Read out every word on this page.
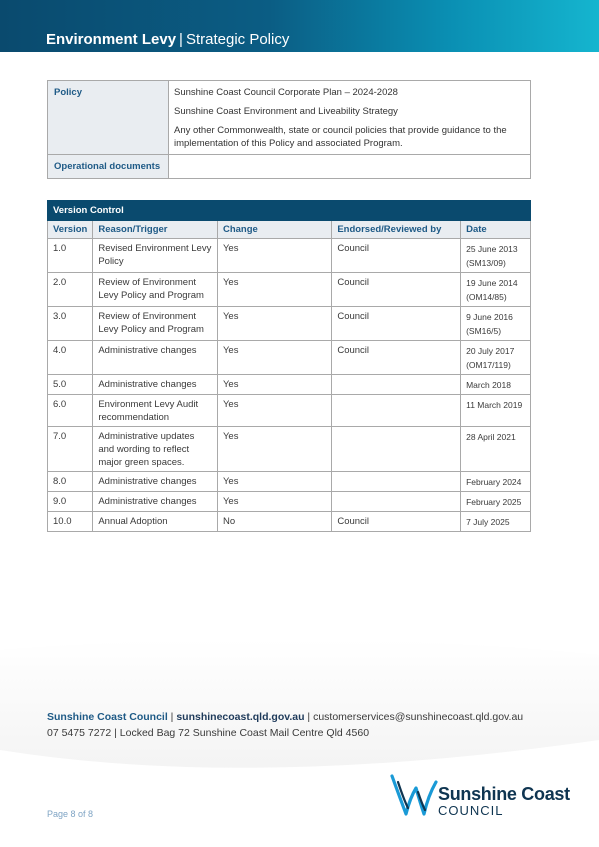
Environment Levy | Strategic Policy
Policy	Sunshine Coast Council Corporate Plan – 2024-2028

Sunshine Coast Environment and Liveability Strategy

Any other Commonwealth, state or council policies that provide guidance to the implementation of this Policy and associated Program.

Operational documents	
Version Control				
Version	Reason/Trigger	Change	Endorsed/Reviewed by	Date
1.0	Revised Environment Levy Policy	Yes	Council	25 June 2013 (SM13/09)
2.0	Review of Environment Levy Policy and Program	Yes	Council	19 June 2014 (OM14/85)
3.0	Review of Environment Levy Policy and Program	Yes	Council	9 June 2016 (SM16/5)
4.0	Administrative changes	Yes	Council	20 July 2017 (OM17/119)
5.0	Administrative changes	Yes		March 2018
6.0	Environment Levy Audit recommendation	Yes		11 March 2019
7.0	Administrative updates and wording to reflect major green spaces.	Yes		28 April 2021
8.0	Administrative changes	Yes		February 2024
9.0	Administrative changes	Yes		February 2025
10.0	Annual Adoption	No	Council	7 July 2025
Sunshine Coast Council | sunshinecoast.qld.gov.au | customerservices@sunshinecoast.qld.gov.au
07 5475 7272 | Locked Bag 72 Sunshine Coast Mail Centre Qld 4560
Page 8 of 8
Sunshine Coast
COUNCIL
